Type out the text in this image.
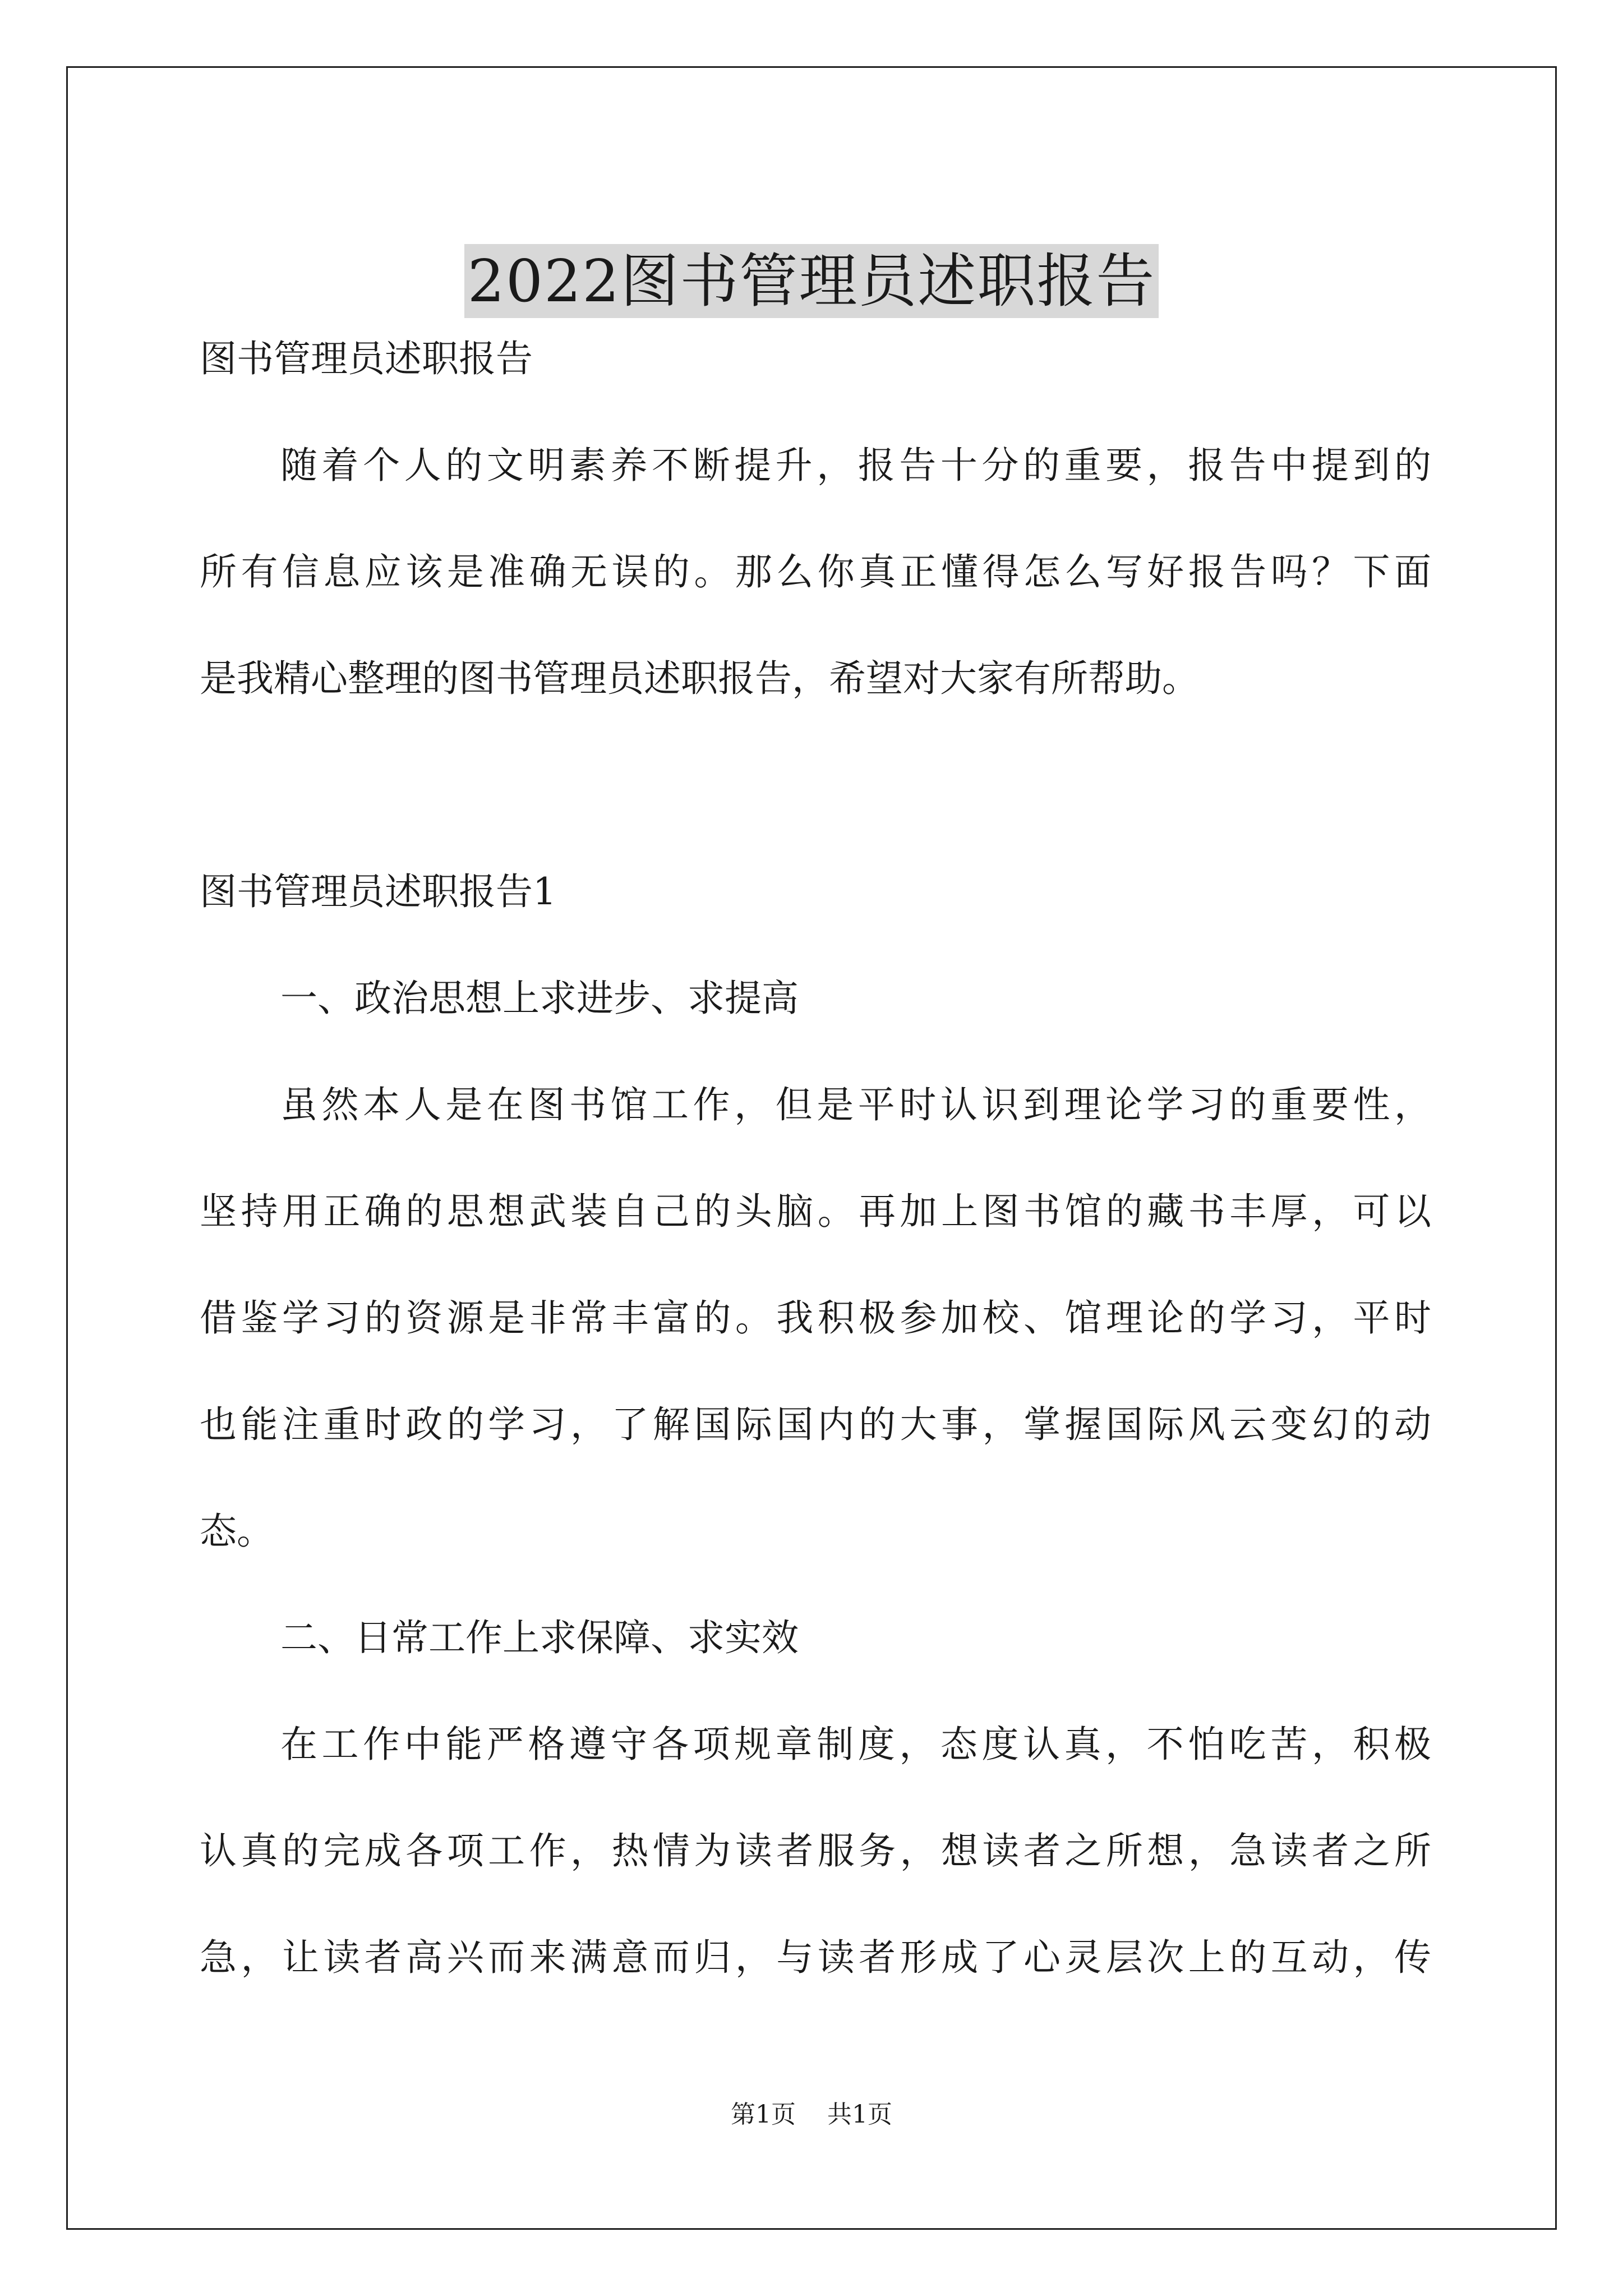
2022图书管理员述职报告
图书管理员述职报告
随着个人的文明素养不断提升，报告十分的重要，报告中提到的
所有信息应该是准确无误的。那么你真正懂得怎么写好报告吗？下面
是我精心整理的图书管理员述职报告，希望对大家有所帮助。
图书管理员述职报告1
一、政治思想上求进步、求提高
虽然本人是在图书馆工作，但是平时认识到理论学习的重要性，
坚持用正确的思想武装自己的头脑。再加上图书馆的藏书丰厚，可以
借鉴学习的资源是非常丰富的。我积极参加校、馆理论的学习，平时
也能注重时政的学习，了解国际国内的大事，掌握国际风云变幻的动
态。
二、日常工作上求保障、求实效
在工作中能严格遵守各项规章制度，态度认真，不怕吃苦，积极
认真的完成各项工作，热情为读者服务，想读者之所想，急读者之所
急，让读者高兴而来满意而归，与读者形成了心灵层次上的互动，传
第1页 共1页
